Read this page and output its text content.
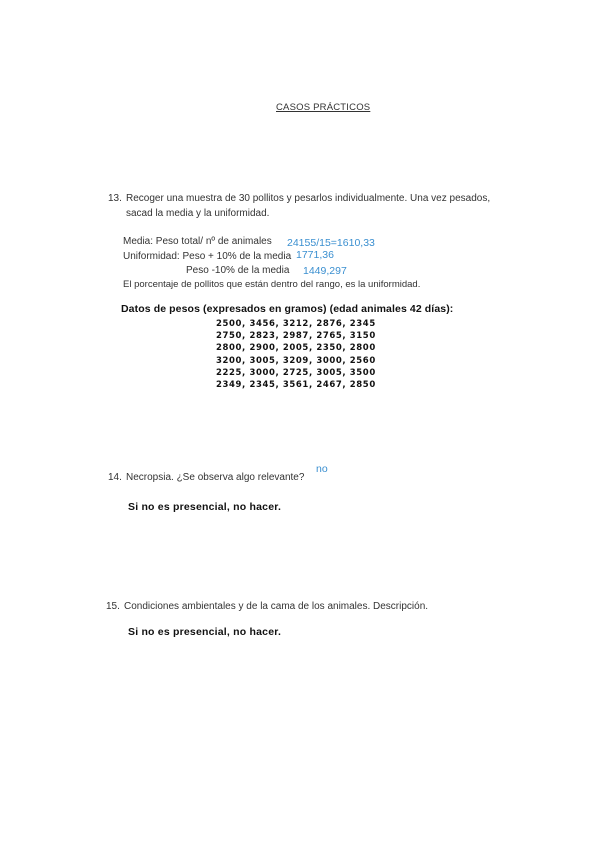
CASOS PRÁCTICOS
13. Recoger una muestra de 30 pollitos y pesarlos individualmente. Una vez pesados,
sacad la media y la uniformidad.
Media: Peso total/ nº de animales 24155/15=1610,33
Uniformidad: Peso + 10% de la media 1771,36
Peso -10% de la media 1449,297
El porcentaje de pollitos que están dentro del rango, es la uniformidad.
Datos de pesos (expresados en gramos) (edad animales 42 días):
2500, 3456, 3212, 2876, 2345
2750, 2823, 2987, 2765, 3150
2800, 2900, 2005, 2350, 2800
3200, 3005, 3209, 3000, 2560
2225, 3000, 2725, 3005, 3500
2349, 2345, 3561, 2467, 2850
14. Necropsia. ¿Se observa algo relevante?
no
Si no es presencial, no hacer.
15. Condiciones ambientales y de la cama de los animales. Descripción.
Si no es presencial, no hacer.
